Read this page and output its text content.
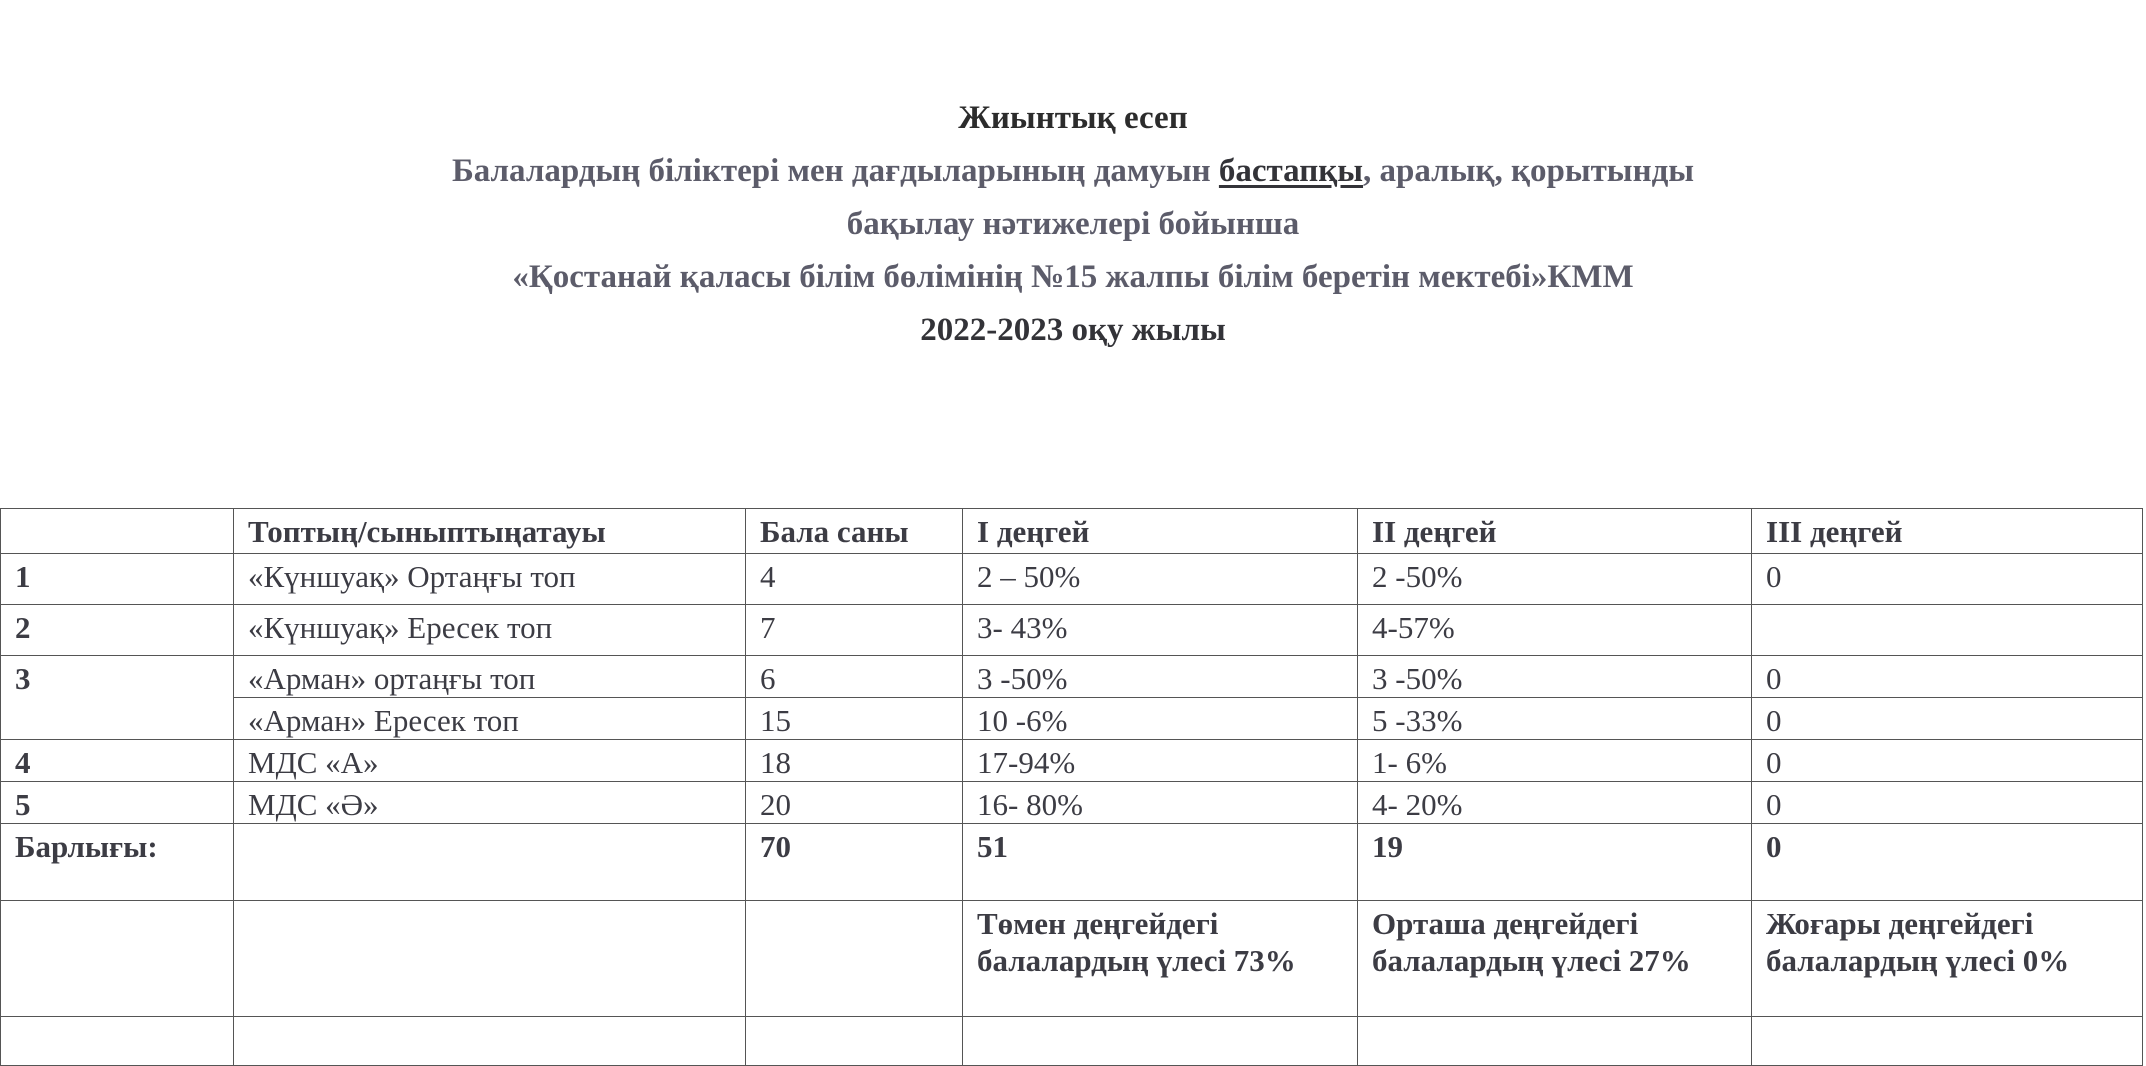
Жиынтық есеп
Балалардың біліктері мен дағдыларының дамуын бастапқы, аралық, қорытынды
бақылау нәтижелері бойынша
«Қостанай қаласы білім бөлімінің №15 жалпы білім беретін мектебі»КММ
2022-2023 оқу жылы
	Топтың/сыныптыңатауы	Бала саны	I деңгей	II деңгей	III деңгей
1	«Күншуақ» Ортаңғы топ	4	2 – 50%	2 -50%	0
2	«Күншуақ» Ересек топ	7	3- 43%	4-57%	
3	«Арман» ортаңғы топ	6	3 -50%	3 -50%	0
	«Арман» Ересек топ	15	10 -6%	5 -33%	0
4	МДС «А»	18	17-94%	1- 6%	0
5	МДС «Ә»	20	16- 80%	4- 20%	0
Барлығы:		70	51	19	0
			Төмен деңгейдегі балалардың үлесі 73%	Орташа деңгейдегі балалардың үлесі 27%	Жоғары деңгейдегі балалардың үлесі 0%
